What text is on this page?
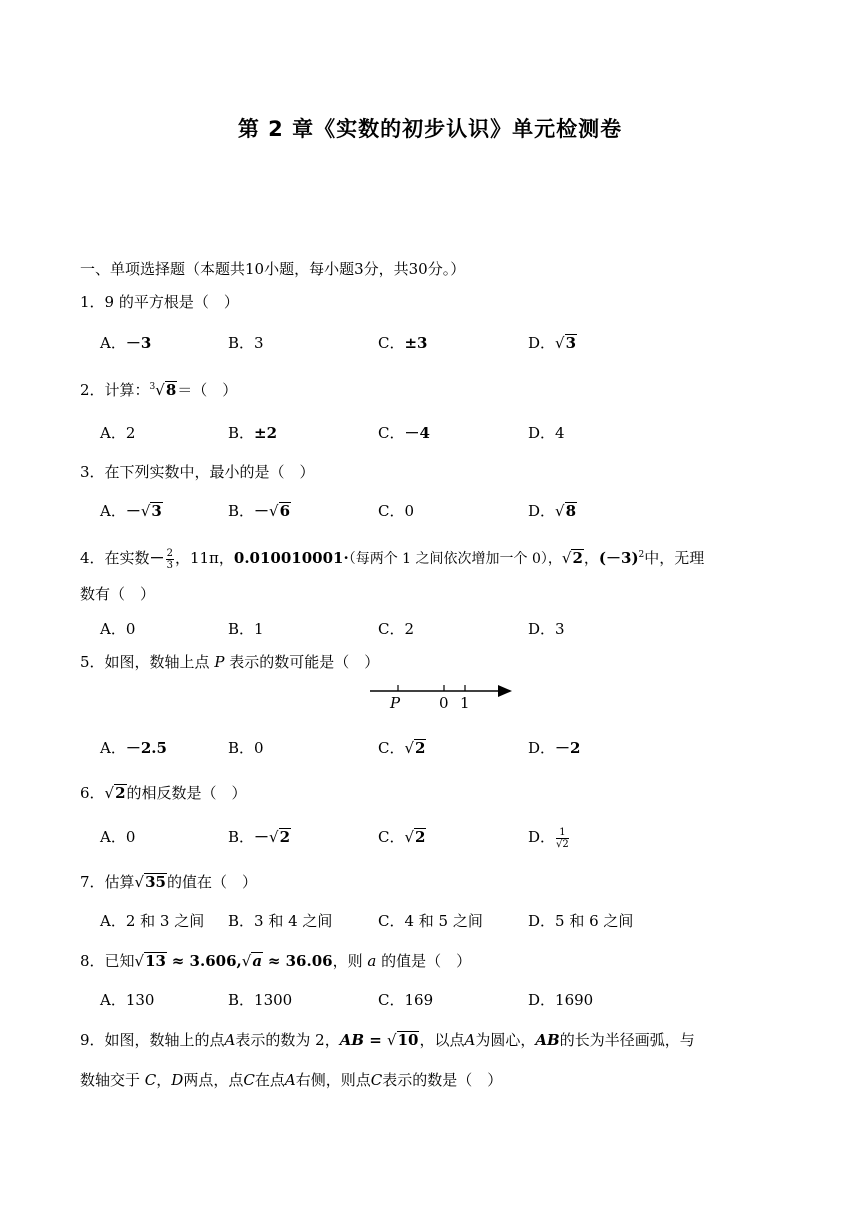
第 2 章《实数的初步认识》单元检测卷
一、单项选择题（本题共10小题，每小题3分，共30分。）
1．9 的平方根是（　）
A．－3	B．3	C．±3	D．√3
2．计算：$^3$√8＝（　）
A．2	B．±2	C．－4	D．4
3．在下列实数中，最小的是（　）
A．－√3	B．－√6	C．0	D．√8
4．在实数－ $\frac{2}{3}$ ，11π，0.010010001·（每两个 1 之间依次增加一个 0），√2，$(-3)^2$中，无理
数有（　）
A．0	B．1	C．2	D．3
5．如图，数轴上点 P 表示的数可能是（　）
P	0 1
A．－2.5	B．0	C．√2	D．－2
6．√2的相反数是（　）
A．0	B．－√2	C．√2	D． $\frac{1}{√2}$
7．估算√35的值在（　）
A．2 和 3 之间 B．3 和 4 之间	C．4 和 5 之间	D．5 和 6 之间
8．已知√13 ≈ 3.606,√a ≈ 36.06，则 a 的值是（　）
A．130	B．1300	C．169	D．1690
9．如图，数轴上的点A表示的数为 2，AB = √10，以点A为圆心，AB的长为半径画弧，与
数轴交于 C，D两点，点C在点A右侧，则点C表示的数是（　）
